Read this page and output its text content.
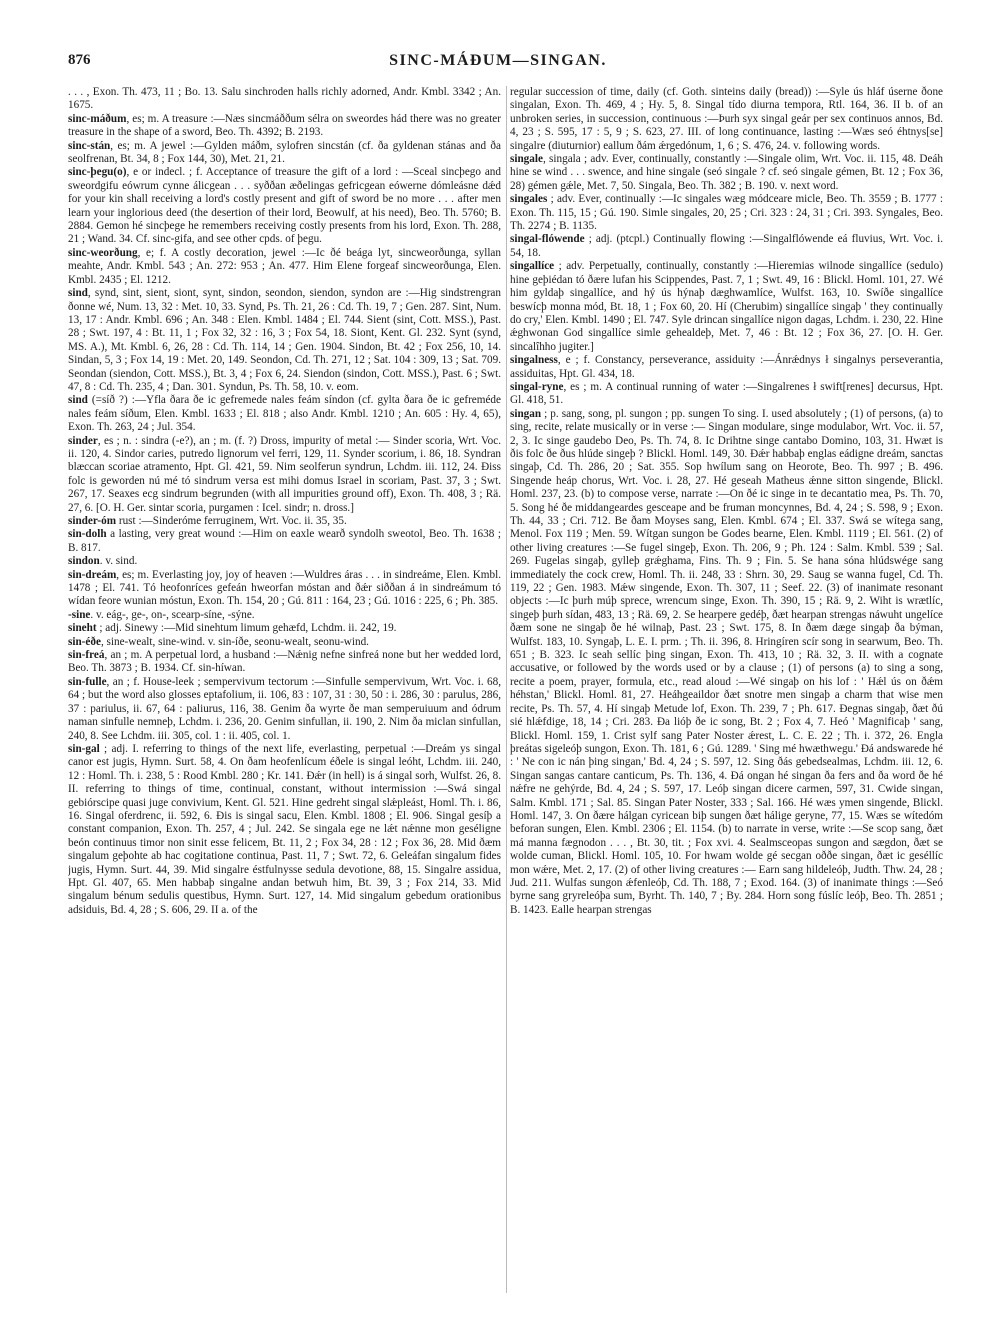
876	SINC-MÁÐUM—SINGAN.

. . . , Exon. Th. 473, 11 ; Bo. 13. Salu sinchroden halls richly adorned, Andr. Kmbl. 3342 ; An. 1675.

sinc-máðum, es; m. A treasure :—Næs sincmáððum sélra on sweordes hád there was no greater treasure in the shape of a sword, Beo. Th. 4392; B. 2193.

sinc-stán, es; m. A jewel :—Gylden máðm, sylofren sincstán (cf. ða gyldenan stánas and ða seolfrenan, Bt. 34, 8 ; Fox 144, 30), Met. 21, 21.

sinc-þegu(o), e or indecl. ; f. Acceptance of treasure the gift of a lord : —Sceal sincþego and sweordgifu eówrum cynne álicgean . . . syððan æðelingas gefricgean eówerne dómleásne dǽd for your kin shall receiving a lord's costly present and gift of sword be no more . . . after men learn your inglorious deed (the desertion of their lord, Beowulf, at his need), Beo. Th. 5760; B. 2884. Gemon hé sincþege he remembers receiving costly presents from his lord, Exon. Th. 288, 21 ; Wand. 34. Cf. sinc-gifa, and see other cpds. of þegu.

sinc-weorðung, e; f. A costly decoration, jewel :—Ic ðé beága lyt, sincweorðunga, syllan meahte, Andr. Kmbl. 543 ; An. 272: 953 ; An. 477. Him Elene forgeaf sincweorðunga, Elen. Kmbl. 2435 ; El. 1212.

sind, synd, sint, sient, siont, synt, sindon, seondon, siendon, syndon are :—Hig sindstrengran ðonne wé, Num. 13, 32 : Met. 10, 33. Synd, Ps. Th. 21, 26 : Cd. Th. 19, 7 ; Gen. 287. Sint, Num. 13, 17 : Andr. Kmbl. 696 ; An. 348 : Elen. Kmbl. 1484 ; El. 744. Sient (sint, Cott. MSS.), Past. 28 ; Swt. 197, 4 : Bt. 11, 1 ; Fox 32, 32 : 16, 3 ; Fox 54, 18. Siont, Kent. Gl. 232. Synt (synd, MS. A.), Mt. Kmbl. 6, 26, 28 : Cd. Th. 114, 14 ; Gen. 1904. Sindon, Bt. 42 ; Fox 256, 10, 14. Sindan, 5, 3 ; Fox 14, 19 : Met. 20, 149. Seondon, Cd. Th. 271, 12 ; Sat. 104 : 309, 13 ; Sat. 709. Seondan (siendon, Cott. MSS.), Bt. 3, 4 ; Fox 6, 24. Siendon (sindon, Cott. MSS.), Past. 6 ; Swt. 47, 8 : Cd. Th. 235, 4 ; Dan. 301. Syndun, Ps. Th. 58, 10. v. eom.

sind (=síð ?) :—Yfla ðara ðe ic gefremede nales feám síndon (cf. gylta ðara ðe ic gefreméde nales feám síðum, Elen. Kmbl. 1633 ; El. 818 ; also Andr. Kmbl. 1210 ; An. 605 : Hy. 4, 65), Exon. Th. 263, 24 ; Jul. 354.

sinder, es ; n. : sindra (-e?), an ; m. (f. ?) Dross, impurity of metal :— Sinder scoria, Wrt. Voc. ii. 120, 4. Sindor caries, putredo lignorum vel ferri, 129, 11. Synder scorium, i. 86, 18. Syndran blæccan scoriae atramento, Hpt. Gl. 421, 59. Nim seolferun syndrun, Lchdm. iii. 112, 24. Ðiss folc is geworden nú mé tó sindrum versa est mihi domus Israel in scoriam, Past. 37, 3 ; Swt. 267, 17. Seaxes ecg sindrum begrunden (with all impurities ground off), Exon. Th. 408, 3 ; Rä. 27, 6. [O. H. Ger. sintar scoria, purgamen : Icel. sindr; n. dross.]

sinder-óm rust :—Sinderóme ferruginem, Wrt. Voc. ii. 35, 35.

sin-dolh a lasting, very great wound :—Him on eaxle wearð syndolh sweotol, Beo. Th. 1638 ; B. 817.

sindon. v. sind.

sin-dreám, es; m. Everlasting joy, joy of heaven :—Wuldres áras . . . in sindreáme, Elen. Kmbl. 1478 ; El. 741. Tó heofonríces gefeán hweorfan móstan and ðǽr siððan á in sindreámum tó wídan feore wunian móstun, Exon. Th. 154, 20 ; Gú. 811 : 164, 23 ; Gú. 1016 : 225, 6 ; Ph. 385.

-sine. v. eág-, ge-, on-, scearp-síne, -sýne.

sineht ; adj. Sinewy :—Mid sinehtum limum gehæfd, Lchdm. ii. 242, 19.

sin-éðe, sine-wealt, sine-wind. v. sin-íðe, seonu-wealt, seonu-wind.

sin-freá, an ; m. A perpetual lord, a husband :—Nǽnig nefne sinfreá none but her wedded lord, Beo. Th. 3873 ; B. 1934. Cf. sin-híwan.

sin-fulle, an ; f. House-leek ; sempervivum tectorum :—Sinfulle sempervivum, Wrt. Voc. i. 68, 64 ; but the word also glosses eptafolium, ii. 106, 83 : 107, 31 : 30, 50 : i. 286, 30 : parulus, 286, 37 : pariulus, ii. 67, 64 : paliurus, 116, 38. Genim ða wyrte ðe man semperuiuum and ódrum naman sinfulle nemneþ, Lchdm. i. 236, 20. Genim sinfullan, ii. 190, 2. Nim ða miclan sinfullan, 240, 8. See Lchdm. iii. 305, col. 1 : ii. 405, col. 1.

sin-gal ; adj. I. referring to things of the next life, everlasting, perpetual :—Dreám ys singal canor est jugis, Hymn. Surt. 58, 4. On ðam heofenlícum éðele is singal leóht, Lchdm. iii. 240, 12 : Homl. Th. i. 238, 5 : Rood Kmbl. 280 ; Kr. 141. Ðǽr (in hell) is á singal sorh, Wulfst. 26, 8. II. referring to things of time, continual, constant, without intermission :—Swá singal gebiórscipe quasi juge convivium, Kent. Gl. 521. Hine gedreht singal slǽpleást, Homl. Th. i. 86, 16. Singal oferdrenc, ii. 592, 6. Ðis is singal sacu, Elen. Kmbl. 1808 ; El. 906. Singal gesíþ a constant companion, Exon. Th. 257, 4 ; Jul. 242. Se singala ege ne lǽt nǽnne mon geséligne beón continuus timor non sinit esse felicem, Bt. 11, 2 ; Fox 34, 28 : 12 ; Fox 36, 28. Mid ðæm singalum geþohte ab hac cogitatione continua, Past. 11, 7 ; Swt. 72, 6. Geleáfan singalum fides jugis, Hymn. Surt. 44, 39. Mid singalre éstfulnysse sedula devotione, 88, 15. Singalre assidua, Hpt. Gl. 407, 65. Men habbaþ singalne andan betwuh him, Bt. 39, 3 ; Fox 214, 33. Mid singalum bénum sedulis questibus, Hymn. Surt. 127, 14. Mid singalum gebedum orationibus adsiduis, Bd. 4, 28 ; S. 606, 29. II a. of the

regular succession of time, daily (cf. Goth. sinteins daily (bread)) :—Syle ús hláf úserne ðone singalan, Exon. Th. 469, 4 ; Hy. 5, 8. Singal tído diurna tempora, Rtl. 164, 36. II b. of an unbroken series, in succession, continuous :—Þurh syx singal geár per sex continuos annos, Bd. 4, 23 ; S. 595, 17 : 5, 9 ; S. 623, 27. III. of long continuance, lasting :—Wæs seó éhtnys[se] singalre (diuturnior) eallum ðám ǽrgedónum, 1, 6 ; S. 476, 24. v. following words.

singale, singala ; adv. Ever, continually, constantly :—Singale olim, Wrt. Voc. ii. 115, 48. Deáh hine se wind . . . swence, and hine singale (seó singale ? cf. seó singale gémen, Bt. 12 ; Fox 36, 28) gémen gǽle, Met. 7, 50. Singala, Beo. Th. 382 ; B. 190. v. next word.

singales ; adv. Ever, continually :—Ic singales wæg módceare micle, Beo. Th. 3559 ; B. 1777 : Exon. Th. 115, 15 ; Gú. 190. Simle singales, 20, 25 ; Cri. 323 : 24, 31 ; Cri. 393. Syngales, Beo. Th. 2274 ; B. 1135.

singal-flówende ; adj. (ptcpl.) Continually flowing :—Singalflówende eá fluvius, Wrt. Voc. i. 54, 18.

singallíce ; adv. Perpetually, continually, constantly :—Hieremias wilnode singallíce (sedulo) hine geþiédan tó ðære lufan his Scippendes, Past. 7, 1 ; Swt. 49, 16 : Blickl. Homl. 101, 27. Wé him gyldaþ singallíce, and hý ús hýnaþ dæghwamlíce, Wulfst. 163, 10. Swíðe singallíce beswícþ monna mód, Bt. 18, 1 ; Fox 60, 20. Hí (Cherubim) singallíce singaþ ' they continually do cry,' Elen. Kmbl. 1490 ; El. 747. Syle drincan singallíce nigon dagas, Lchdm. i. 230, 22. Hine ǽghwonan God singallíce simle gehealdeþ, Met. 7, 46 : Bt. 12 ; Fox 36, 27. [O. H. Ger. sincalîhho jugiter.]

singalness, e ; f. Constancy, perseverance, assiduity :—Ánrǽdnys ł singalnys perseverantia, assiduitas, Hpt. Gl. 434, 18.

singal-ryne, es ; m. A continual running of water :—Singalrenes ł swift[renes] decursus, Hpt. Gl. 418, 51.

singan ; p. sang, song, pl. sungon ; pp. sungen To sing. I. used absolutely ; (1) of persons, (a) to sing, recite, relate musically or in verse :— Singan modulare, singe modulabor, Wrt. Voc. ii. 57, 2, 3. Ic singe gaudebo Deo, Ps. Th. 74, 8. Ic Drihtne singe cantabo Domino, 103, 31. Hwæt is ðis folc ðe ðus hlúde singeþ ? Blickl. Homl. 149, 30. Ðǽr habbaþ englas eádigne dreám, sanctas singaþ, Cd. Th. 286, 20 ; Sat. 355. Sop hwílum sang on Heorote, Beo. Th. 997 ; B. 496. Singende heáp chorus, Wrt. Voc. i. 28, 27. Hé geseah Matheus ǽnne sitton singende, Blickl. Homl. 237, 23. (b) to compose verse, narrate :—On ðé ic singe in te decantatio mea, Ps. Th. 70, 5. Song hé ðe middangeardes gesceape and be fruman moncynnes, Bd. 4, 24 ; S. 598, 9 ; Exon. Th. 44, 33 ; Cri. 712. Be ðam Moyses sang, Elen. Kmbl. 674 ; El. 337. Swá se wítega sang, Menol. Fox 119 ; Men. 59. Wítgan sungon be Godes bearne, Elen. Kmbl. 1119 ; El. 561. (2) of other living creatures :—Se fugel singeþ, Exon. Th. 206, 9 ; Ph. 124 : Salm. Kmbl. 539 ; Sal. 269. Fugelas singaþ, gylleþ grǽghama, Fins. Th. 9 ; Fin. 5. Se hana sóna hlúdswége sang immediately the cock crew, Homl. Th. ii. 248, 33 : Shrn. 30, 29. Saug se wanna fugel, Cd. Th. 119, 22 ; Gen. 1983. Mǽw singende, Exon. Th. 307, 11 ; Seef. 22. (3) of inanimate resonant objects :—Ic þurh múþ sprece, wrencum singe, Exon. Th. 390, 15 ; Rä. 9, 2. Wiht is wrætlíc, singeþ þurh sídan, 483, 13 ; Rä. 69, 2. Se hearpere gedéþ, ðæt hearpan strengas náwuht ungelíce ðæm sone ne singaþ ðe hé wilnaþ, Past. 23 ; Swt. 175, 8. In ðæm dæge singaþ ða býman, Wulfst. 183, 10. Syngaþ, L. E. I. prm. ; Th. ii. 396, 8. Hringíren scír song in searwum, Beo. Th. 651 ; B. 323. Ic seah sellíc þing singan, Exon. Th. 413, 10 ; Rä. 32, 3. II. with a cognate accusative, or followed by the words used or by a clause ; (1) of persons (a) to sing a song, recite a poem, prayer, formula, etc., read aloud :—Wé singaþ on his lof : ' Hǽl ús on ðǽm héhstan,' Blickl. Homl. 81, 27. Heáhgeaildor ðæt snotre men singaþ a charm that wise men recite, Ps. Th. 57, 4. Hí singaþ Metude lof, Exon. Th. 239, 7 ; Ph. 617. Ðegnas singaþ, ðæt ðú sié hlǽfdige, 18, 14 ; Cri. 283. Ða lióþ ðe ic song, Bt. 2 ; Fox 4, 7. Heó ' Magnificaþ ' sang, Blickl. Homl. 159, 1. Crist sylf sang Pater Noster ǽrest, L. C. E. 22 ; Th. i. 372, 26. Engla þreátas sigeleóþ sungon, Exon. Th. 181, 6 ; Gú. 1289. ' Sing mé hwæthwegu.' Ðá andswarede hé : ' Ne con ic nán þing singan,' Bd. 4, 24 ; S. 597, 12. Sing ðás gebedsealmas, Lchdm. iii. 12, 6. Singan sangas cantare canticum, Ps. Th. 136, 4. Ðá ongan hé singan ða fers and ða word ðe hé nǽfre ne gehýrde, Bd. 4, 24 ; S. 597, 17. Leóþ singan dicere carmen, 597, 31. Cwide singan, Salm. Kmbl. 171 ; Sal. 85. Singan Pater Noster, 333 ; Sal. 166. Hé wæs ymen singende, Blickl. Homl. 147, 3. On ðære hálgan cyricean biþ sungen ðæt hálige geryne, 77, 15. Wæs se wítedóm beforan sungen, Elen. Kmbl. 2306 ; El. 1154. (b) to narrate in verse, write :—Se scop sang, ðæt má manna fægnodon . . . , Bt. 30, tit. ; Fox xvi. 4. Sealmsceopas sungon and sægdon, ðæt se wolde cuman, Blickl. Homl. 105, 10. For hwam wolde gé secgan oððe singan, ðæt ic geséllíc mon wǽre, Met. 2, 17. (2) of other living creatures :— Earn sang hildeleóþ, Judth. Thw. 24, 28 ; Jud. 211. Wulfas sungon ǽfenleóþ, Cd. Th. 188, 7 ; Exod. 164. (3) of inanimate things :—Seó byrne sang gryreleóþa sum, Byrht. Th. 140, 7 ; By. 284. Horn song fúslíc leóþ, Beo. Th. 2851 ; B. 1423. Ealle hearpan strengas
